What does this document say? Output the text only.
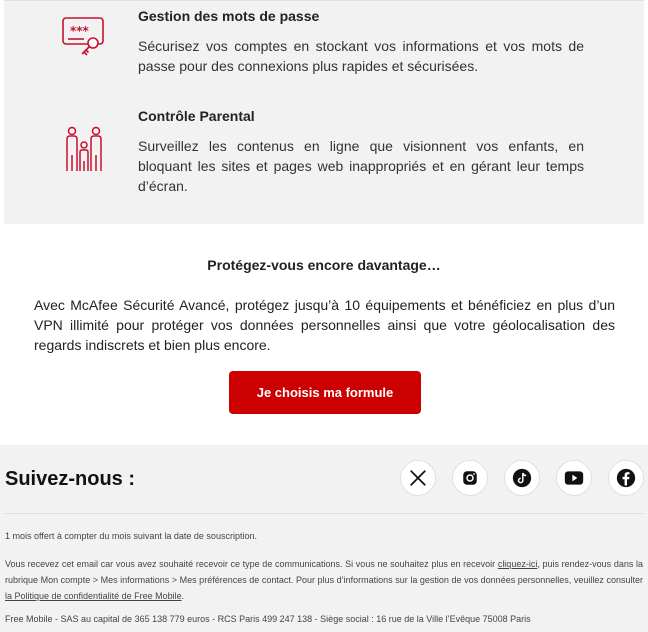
***
Gestion des mots de passe
Sécurisez vos comptes en stockant vos informations et vos mots de passe pour des connexions plus rapides et sécurisées.
Contrôle Parental
Surveillez les contenus en ligne que visionnent vos enfants, en bloquant les sites et pages web inappropriés et en gérant leur temps d’écran.
Protégez-vous encore davantage…
Avec McAfee Sécurité Avancé, protégez jusqu’à 10 équipements et bénéficiez en plus d’un VPN illimité pour protéger vos données personnelles ainsi que votre géolocalisation des regards indiscrets et bien plus encore.
Je choisis ma formule
Suivez-nous :
1 mois offert à compter du mois suivant la date de souscription.
Vous recevez cet email car vous avez souhaité recevoir ce type de communications. Si vous ne souhaitez plus en recevoir cliquez-ici, puis rendez-vous dans la rubrique Mon compte > Mes informations > Mes préférences de contact. Pour plus d’informations sur la gestion de vos données personnelles, veuillez consulter la Politique de confidentialité de Free Mobile.
Free Mobile - SAS au capital de 365 138 779 euros - RCS Paris 499 247 138 - Siège social : 16 rue de la Ville l’Evêque 75008 Paris
